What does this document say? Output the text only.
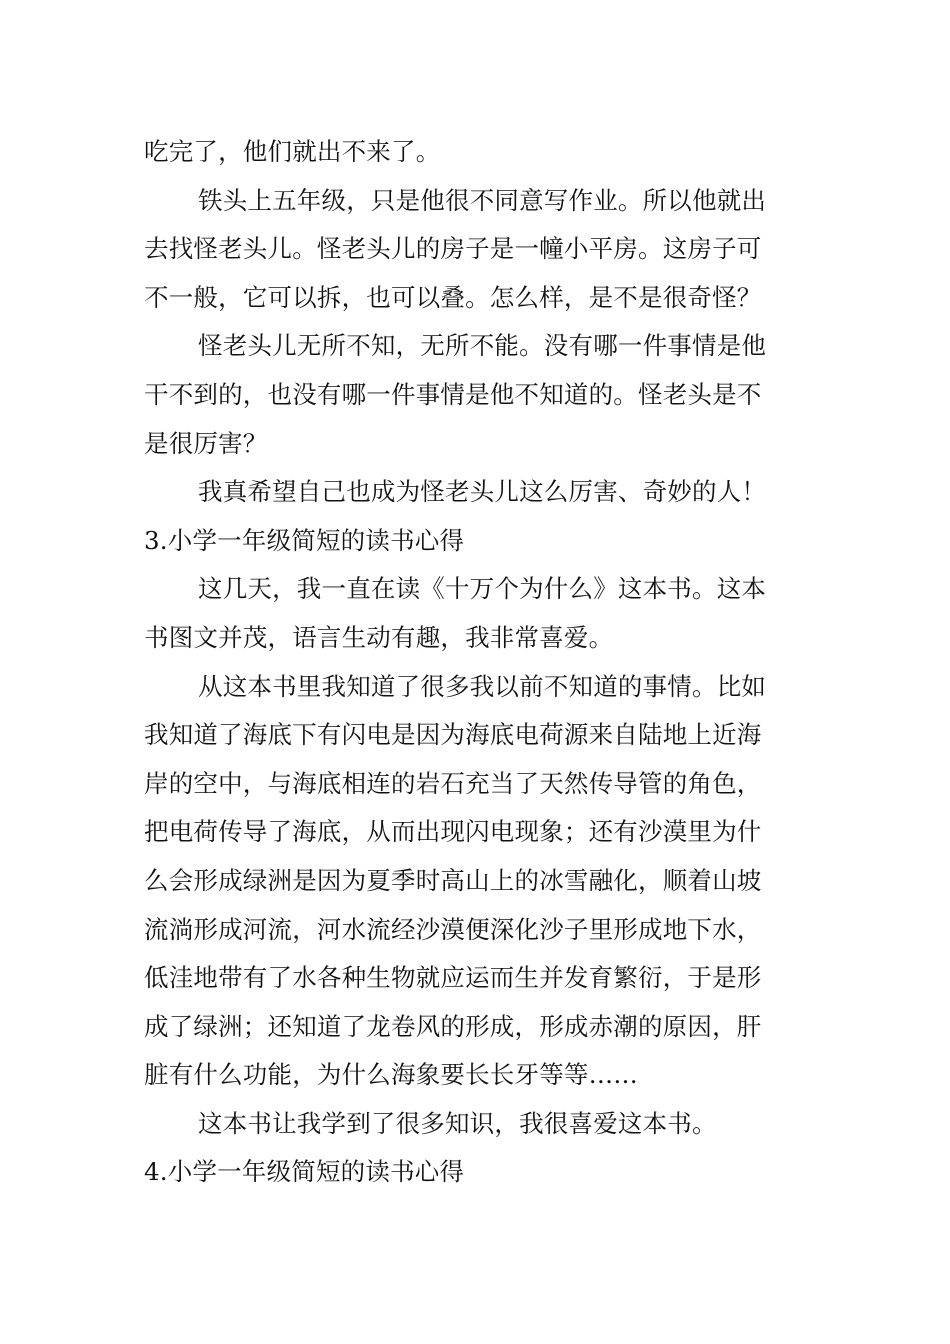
吃完了，他们就出不来了。
铁头上五年级，只是他很不同意写作业。所以他就出
去找怪老头儿。怪老头儿的房子是一幢小平房。这房子可
不一般，它可以拆，也可以叠。怎么样，是不是很奇怪？
怪老头儿无所不知，无所不能。没有哪一件事情是他
干不到的，也没有哪一件事情是他不知道的。怪老头是不
是很厉害？
我真希望自己也成为怪老头儿这么厉害、奇妙的人！
3.小学一年级简短的读书心得
这几天，我一直在读《十万个为什么》这本书。这本
书图文并茂，语言生动有趣，我非常喜爱。
从这本书里我知道了很多我以前不知道的事情。比如
我知道了海底下有闪电是因为海底电荷源来自陆地上近海
岸的空中，与海底相连的岩石充当了天然传导管的角色，
把电荷传导了海底，从而出现闪电现象；还有沙漠里为什
么会形成绿洲是因为夏季时高山上的冰雪融化，顺着山坡
流淌形成河流，河水流经沙漠便深化沙子里形成地下水，
低洼地带有了水各种生物就应运而生并发育繁衍，于是形
成了绿洲；还知道了龙卷风的形成，形成赤潮的原因，肝
脏有什么功能，为什么海象要长长牙等等……
这本书让我学到了很多知识，我很喜爱这本书。
4.小学一年级简短的读书心得
